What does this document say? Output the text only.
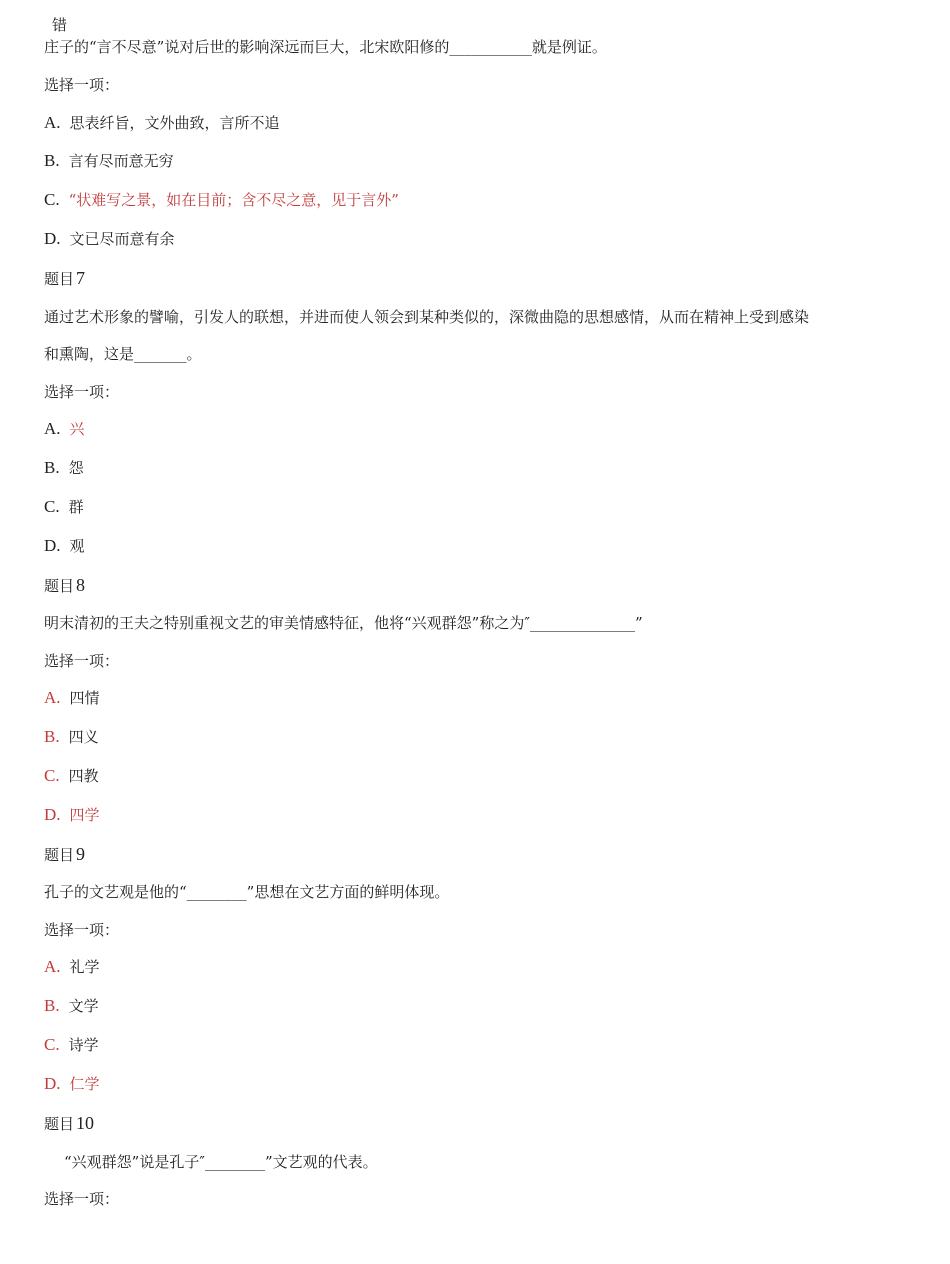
错
庄子的“言不尽意”说对后世的影响深远而巨大，北宋欧阳修的___________就是例证。
选择一项：
A. 思表纤旨，文外曲致，言所不追
B. 言有尽而意无穷
C. “状难写之景，如在目前；含不尽之意，见于言外”
D. 文已尽而意有余
题目 7
通过艺术形象的譬喻，引发人的联想，并进而使人领会到某种类似的，深微曲隐的思想感情，从而在精神上受到感染
和熏陶，这是_______。
选择一项：
A. 兴
B. 怨
C. 群
D. 观
题目 8
明末清初的王夫之特别重视文艺的审美情感特征，他将“兴观群怨”称之为″______________”
选择一项：
A. 四情
B. 四义
C. 四教
D. 四学
题目 9
孔子的文艺观是他的“________”思想在文艺方面的鲜明体现。
选择一项：
A. 礼学
B. 文学
C. 诗学
D. 仁学
题目 10
“兴观群怨”说是孔子″________”文艺观的代表。
选择一项：
